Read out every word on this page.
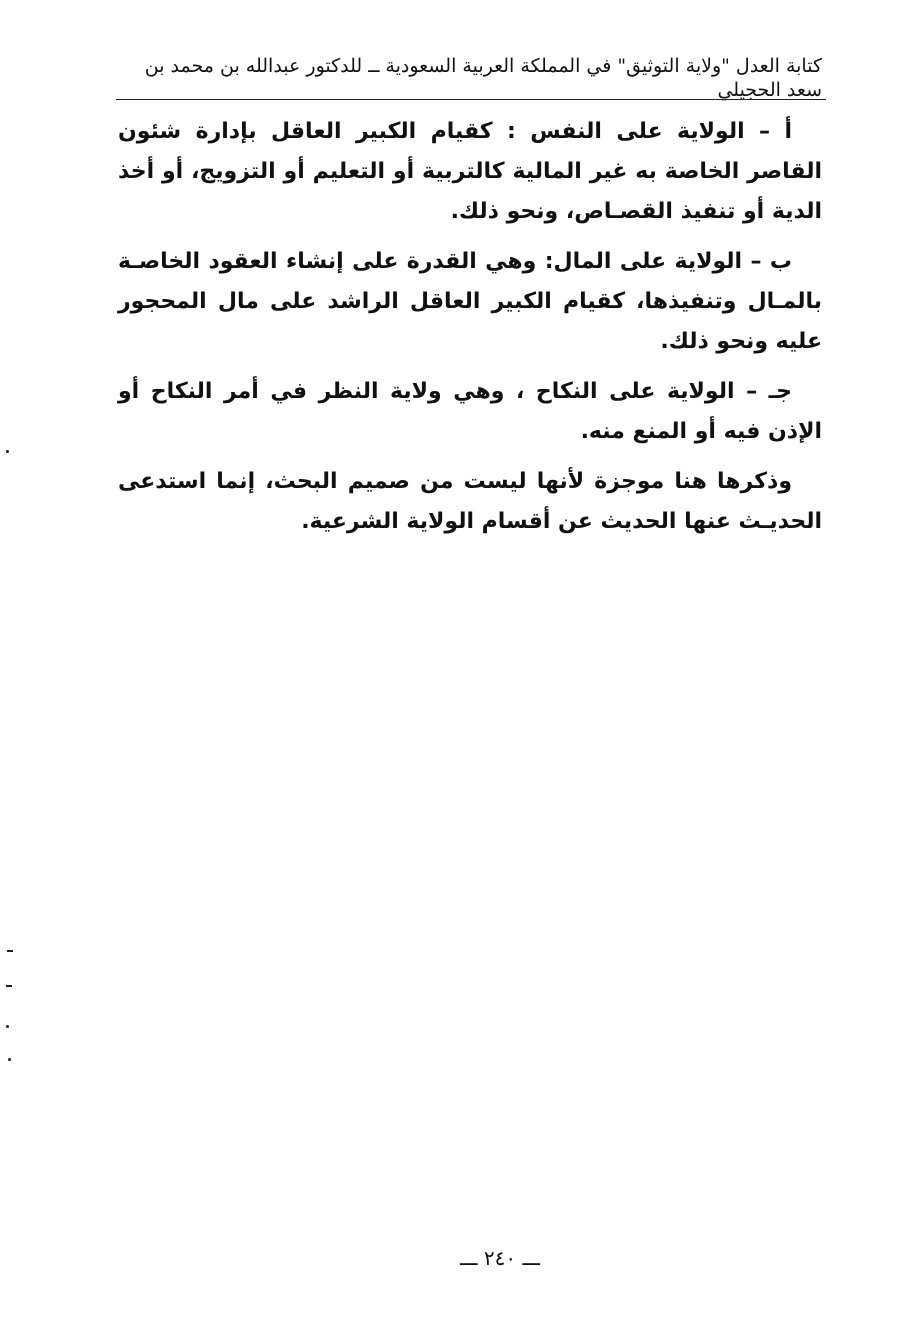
كتابة العدل "ولاية التوثيق" في المملكة العربية السعودية ــ للدكتور عبدالله بن محمد بن سعد الحجيلي

أ – الولاية على النفس : كقيام الكبير العاقل بإدارة شئون القاصر الخاصة به غير المالية كالتربية أو التعليم أو التزويج، أو أخذ الدية أو تنفيذ القصـاص، ونحو ذلك.

ب – الولاية على المال: وهي القدرة على إنشاء العقود الخاصـة بالمـال وتنفيذها، كقيام الكبير العاقل الراشد على مال المحجور عليه ونحو ذلك.

جـ – الولاية على النكاح ، وهي ولاية النظر في أمر النكاح أو الإذن فيه أو المنع منه.

وذكرها هنا موجزة لأنها ليست من صميم البحث، إنما استدعى الحديـث عنها الحديث عن أقسام الولاية الشرعية.

ـــ ٢٤٠ ـــ
